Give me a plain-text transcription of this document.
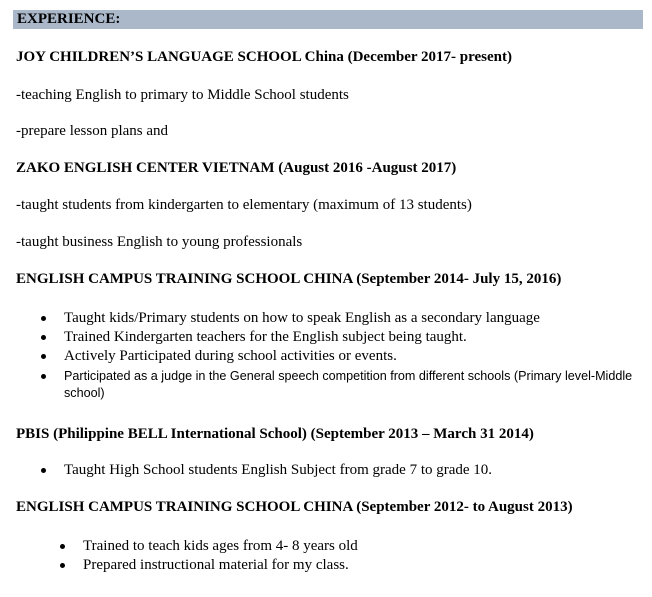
EXPERIENCE:
JOY CHILDREN’S LANGUAGE SCHOOL China (December 2017- present)
-teaching English to primary to Middle School students
-prepare lesson plans and
ZAKO ENGLISH CENTER VIETNAM (August 2016 -August 2017)
-taught students from kindergarten to elementary (maximum of 13 students)
-taught business English to young professionals
ENGLISH CAMPUS TRAINING SCHOOL CHINA (September 2014- July 15, 2016)
Taught kids/Primary students on how to speak English as a secondary language
Trained Kindergarten teachers for the English subject being taught.
Actively Participated during school activities or events.
Participated as a judge in the General speech competition from different schools (Primary level-Middle school)
PBIS (Philippine BELL International School) (September 2013 – March 31 2014)
Taught High School students English Subject from grade 7 to grade 10.
ENGLISH CAMPUS TRAINING SCHOOL CHINA (September 2012- to August 2013)
Trained to teach kids ages from 4- 8 years old
Prepared instructional material for my class.
